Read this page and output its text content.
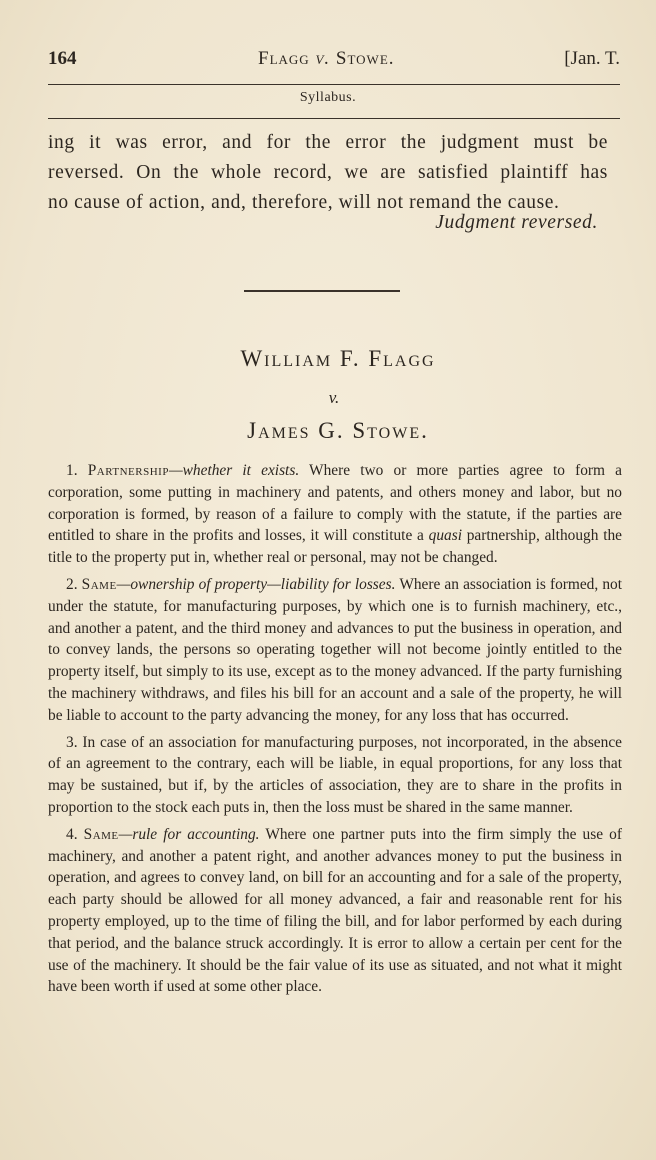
164	Flagg v. Stowe.	[Jan. T.
Syllabus.

ing it was error, and for the error the judgment must be

reversed. On the whole record, we are satisfied plaintiff has

no cause of action, and, therefore, will not remand the cause.

Judgment reversed.
William F. Flagg
v.
James G. Stowe.

1. Partnership—whether it exists. Where two or more parties agree to form a corporation, some putting in machinery and patents, and others money and labor, but no corporation is formed, by reason of a failure to comply with the statute, if the parties are entitled to share in the profits and losses, it will constitute a quasi partnership, although the title to the property put in, whether real or personal, may not be changed.

2. Same—ownership of property—liability for losses. Where an association is formed, not under the statute, for manufacturing purposes, by which one is to furnish machinery, etc., and another a patent, and the third money and advances to put the business in operation, and to convey lands, the persons so operating together will not become jointly entitled to the property itself, but simply to its use, except as to the money advanced. If the party furnishing the machinery withdraws, and files his bill for an account and a sale of the property, he will be liable to account to the party advancing the money, for any loss that has occurred.

3. In case of an association for manufacturing purposes, not incorporated, in the absence of an agreement to the contrary, each will be liable, in equal proportions, for any loss that may be sustained, but if, by the articles of association, they are to share in the profits in proportion to the stock each puts in, then the loss must be shared in the same manner.

4. Same—rule for accounting. Where one partner puts into the firm simply the use of machinery, and another a patent right, and another advances money to put the business in operation, and agrees to convey land, on bill for an accounting and for a sale of the property, each party should be allowed for all money advanced, a fair and reasonable rent for his property employed, up to the time of filing the bill, and for labor performed by each during that period, and the balance struck accordingly. It is error to allow a certain per cent for the use of the machinery. It should be the fair value of its use as situated, and not what it might have been worth if used at some other place.
